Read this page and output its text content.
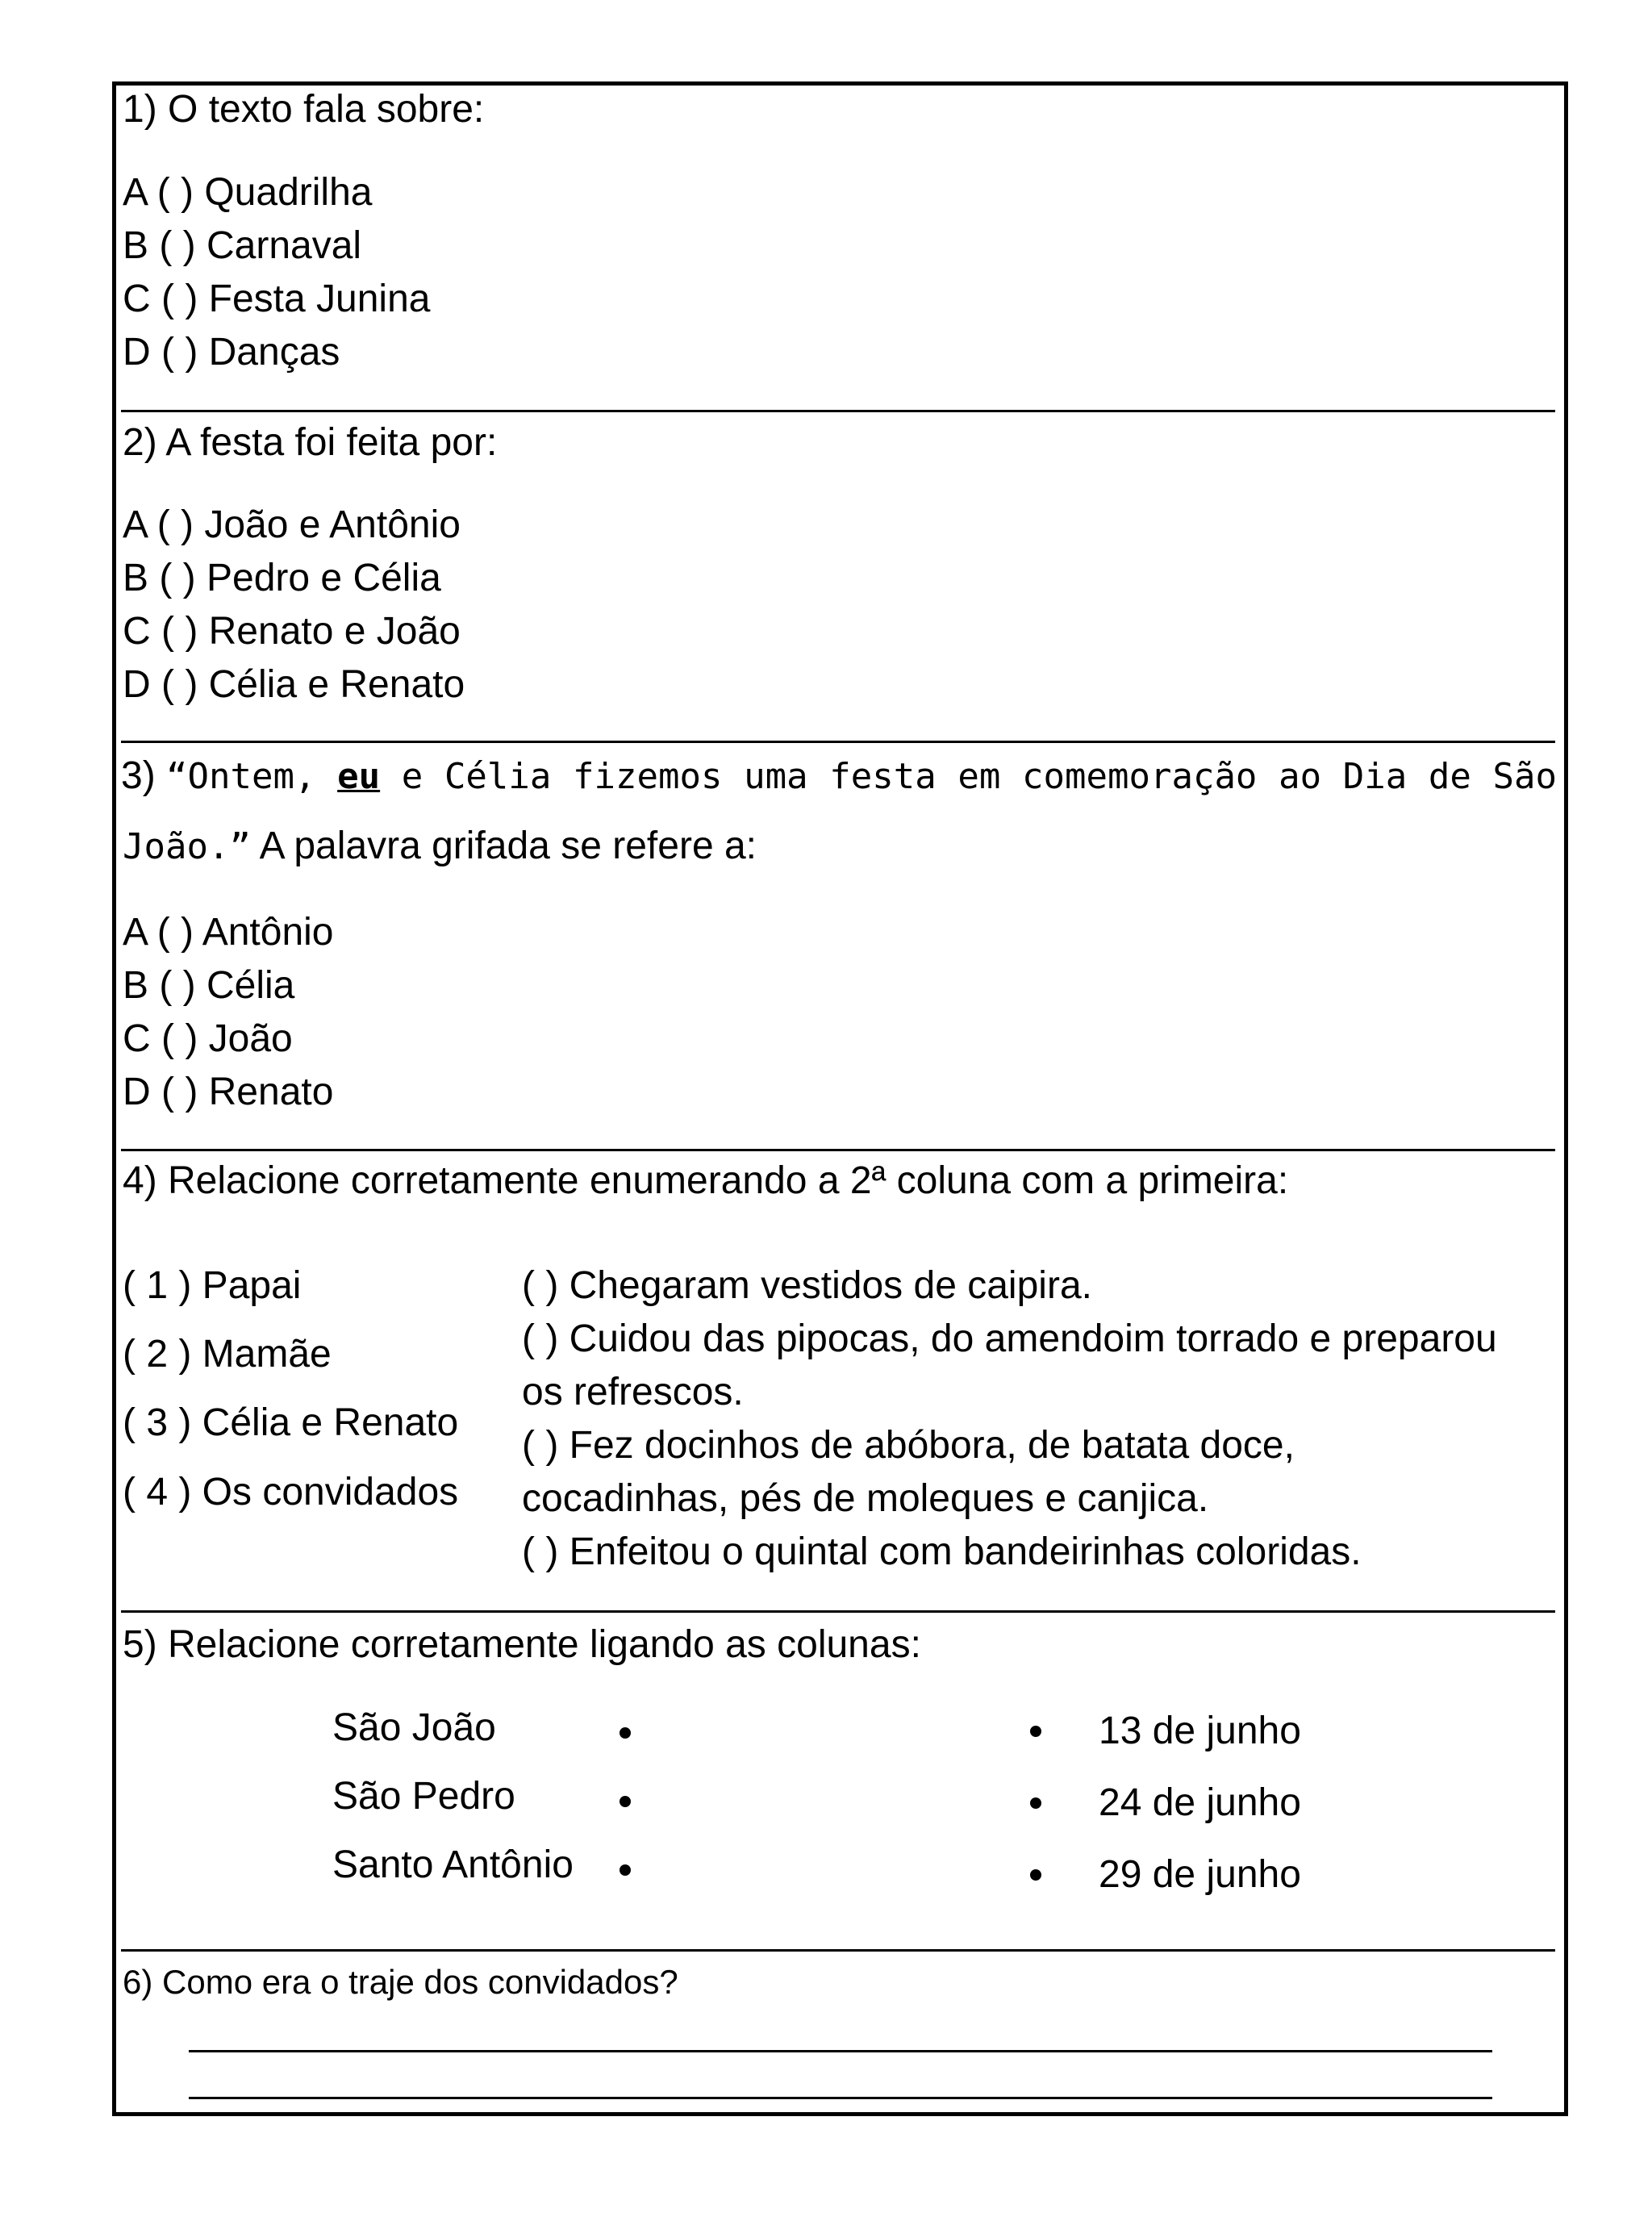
1) O texto fala sobre:
A ( ) Quadrilha
B ( ) Carnaval
C ( ) Festa Junina
D ( ) Danças
2) A festa foi feita por:
A ( ) João e Antônio
B ( ) Pedro e Célia
C ( ) Renato e João
D ( ) Célia e Renato
3) “Ontem, eu e Célia fizemos uma festa em comemoração ao Dia de São
João.” A palavra grifada se refere a:
A ( ) Antônio
B ( ) Célia
C ( ) João
D ( ) Renato
4) Relacione corretamente enumerando a 2ª coluna com a primeira:
( 1 ) Papai
( 2 ) Mamãe
( 3 ) Célia e Renato
( 4 ) Os convidados
( ) Chegaram vestidos de caipira.
( ) Cuidou das pipocas, do amendoim torrado e preparou
os refrescos.
( ) Fez docinhos de abóbora, de batata doce,
cocadinhas, pés de moleques e canjica.
( ) Enfeitou o quintal com bandeirinhas coloridas.
5) Relacione corretamente ligando as colunas:
São João
São Pedro
Santo Antônio
13 de junho
24 de junho
29 de junho
6) Como era o traje dos convidados?
